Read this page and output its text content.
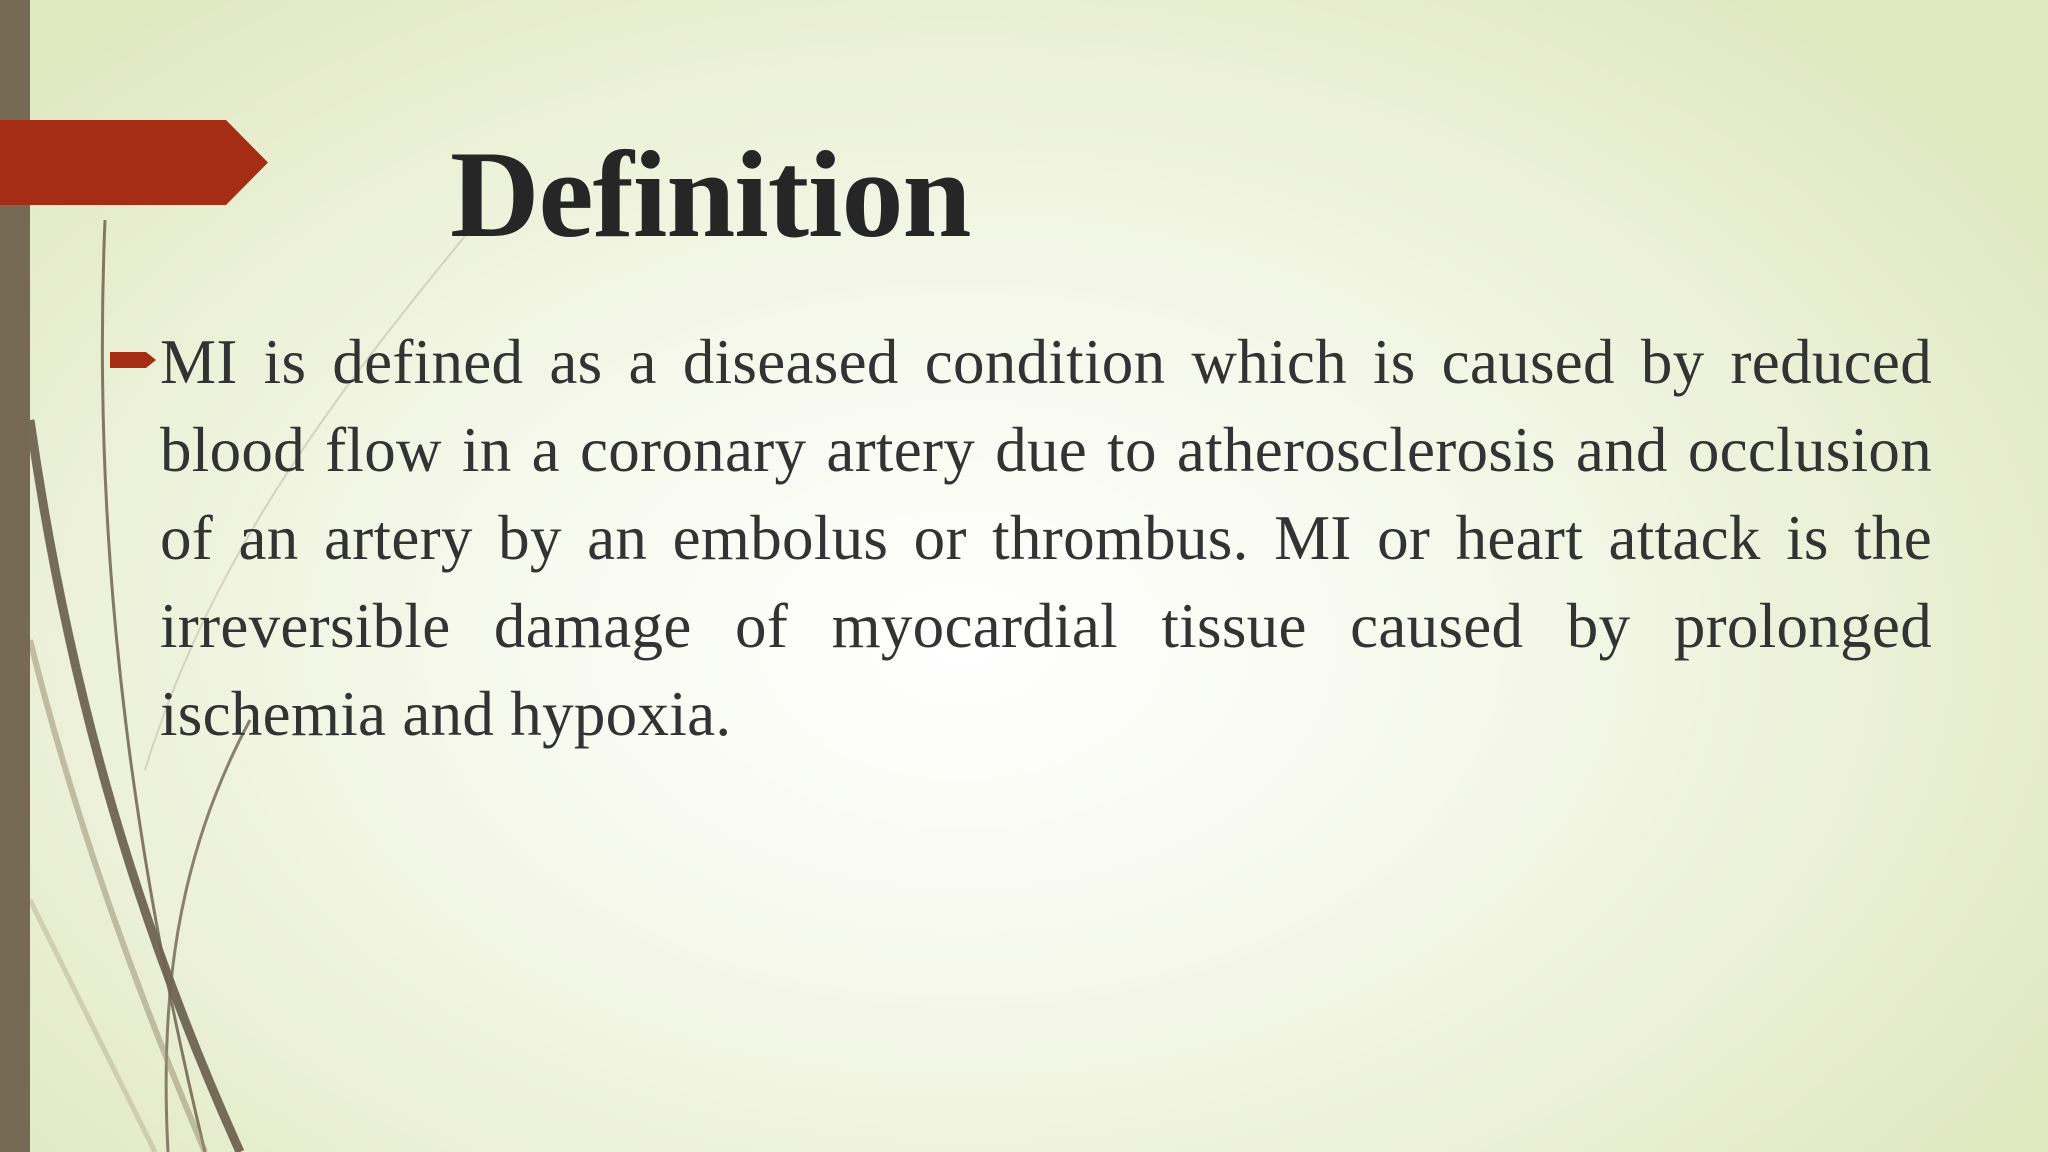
Definition

MI is defined as a diseased condition which is caused by reduced blood flow in a coronary artery due to atherosclerosis and occlusion of an artery by an embolus or thrombus. MI or heart attack is the irreversible damage of myocardial tissue caused by prolonged ischemia and hypoxia.
